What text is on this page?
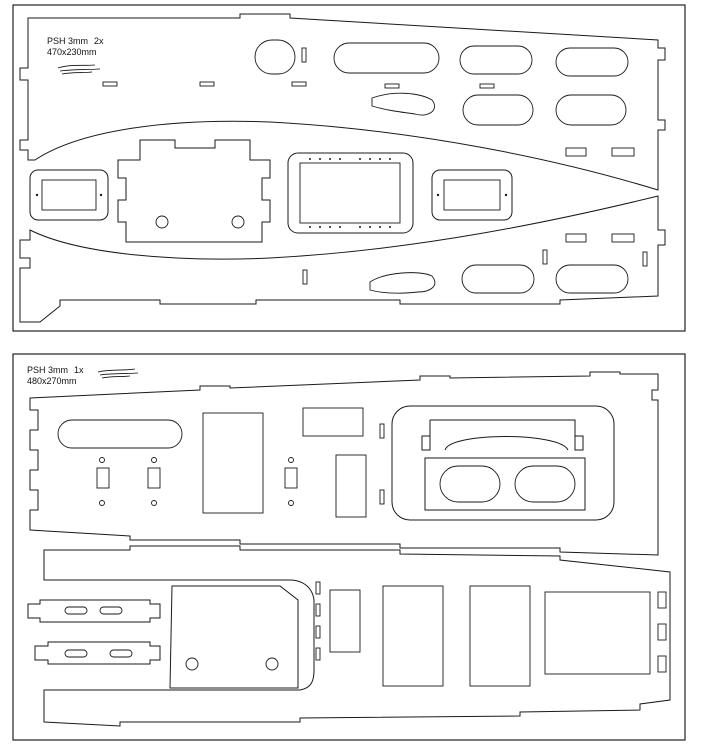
PSH 3mm 2x
470x230mm
PSH 3mm 1x
480x270mm
